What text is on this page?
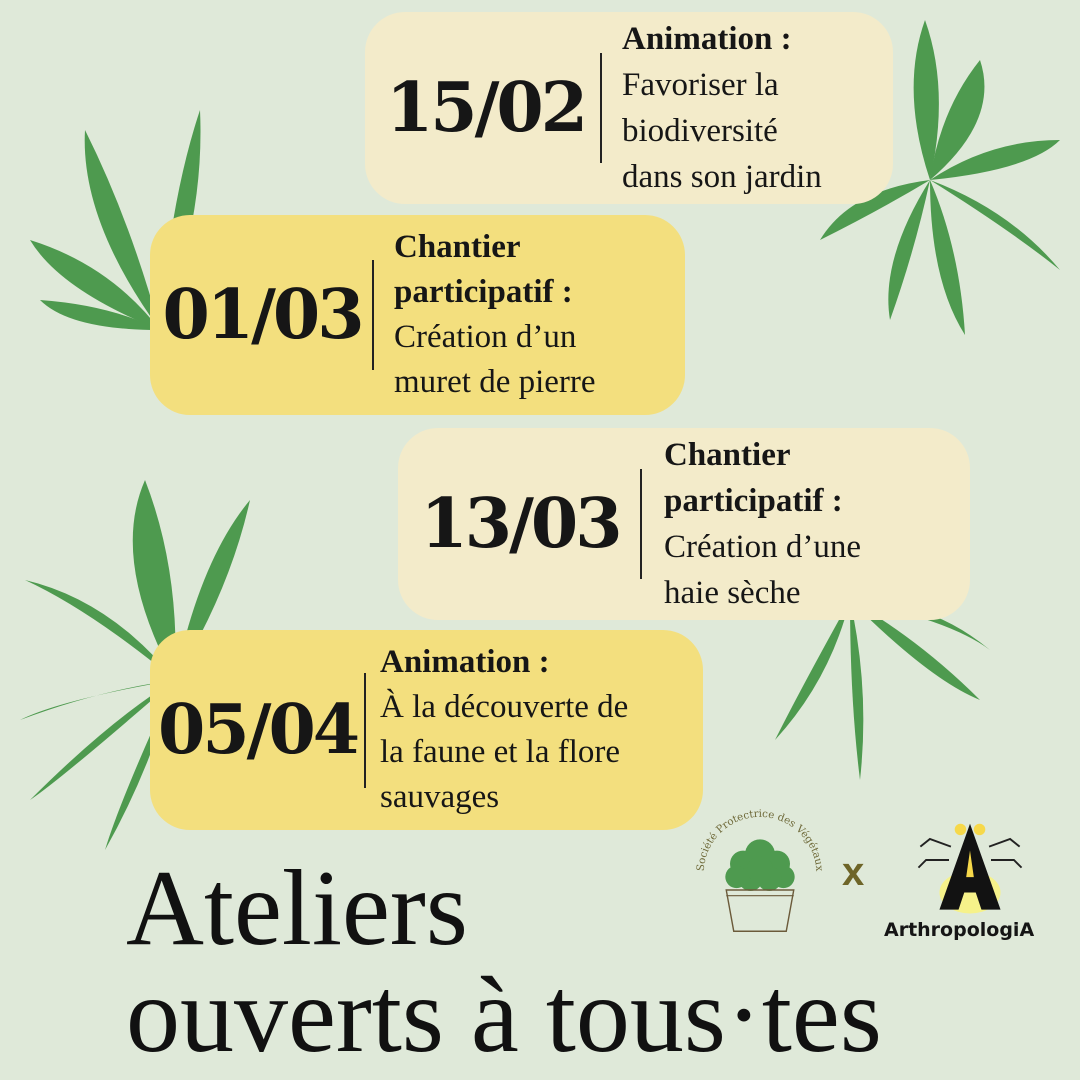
15/02
Animation :
Favoriser la
biodiversité
dans son jardin
01/03
Chantier
participatif :
Création d’un
muret de pierre
13/03
Chantier
participatif :
Création d’une
haie sèche
05/04
Animation :
À la découverte de
la faune et la flore
sauvages
Ateliers
ouverts à tous·tes
Société Protectrice des Végétaux x
ArthropologiA
